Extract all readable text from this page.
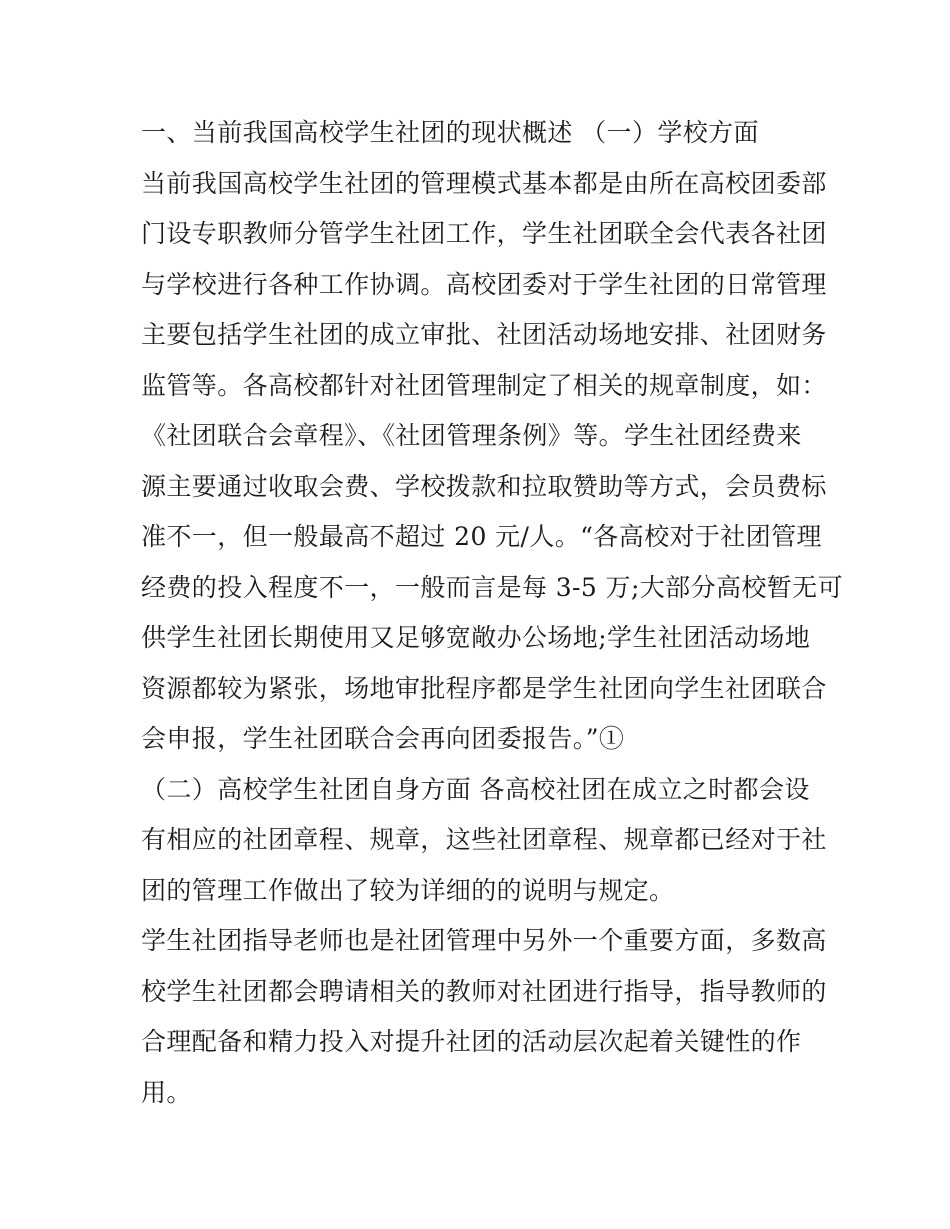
一、当前我国高校学生社团的现状概述 （一）学校方面
当前我国高校学生社团的管理模式基本都是由所在高校团委部
门设专职教师分管学生社团工作，学生社团联全会代表各社团
与学校进行各种工作协调。高校团委对于学生社团的日常管理
主要包括学生社团的成立审批、社团活动场地安排、社团财务
监管等。各高校都针对社团管理制定了相关的规章制度，如：
《社团联合会章程》、《社团管理条例》等。学生社团经费来
源主要通过收取会费、学校拨款和拉取赞助等方式，会员费标
准不一，但一般最高不超过 20 元/人。“各高校对于社团管理
经费的投入程度不一，一般而言是每 3-5 万;大部分高校暂无可
供学生社团长期使用又足够宽敞办公场地;学生社团活动场地
资源都较为紧张，场地审批程序都是学生社团向学生社团联合
会申报，学生社团联合会再向团委报告。”①
（二）高校学生社团自身方面 各高校社团在成立之时都会设
有相应的社团章程、规章，这些社团章程、规章都已经对于社
团的管理工作做出了较为详细的的说明与规定。
学生社团指导老师也是社团管理中另外一个重要方面，多数高
校学生社团都会聘请相关的教师对社团进行指导，指导教师的
合理配备和精力投入对提升社团的活动层次起着关键性的作
用。
